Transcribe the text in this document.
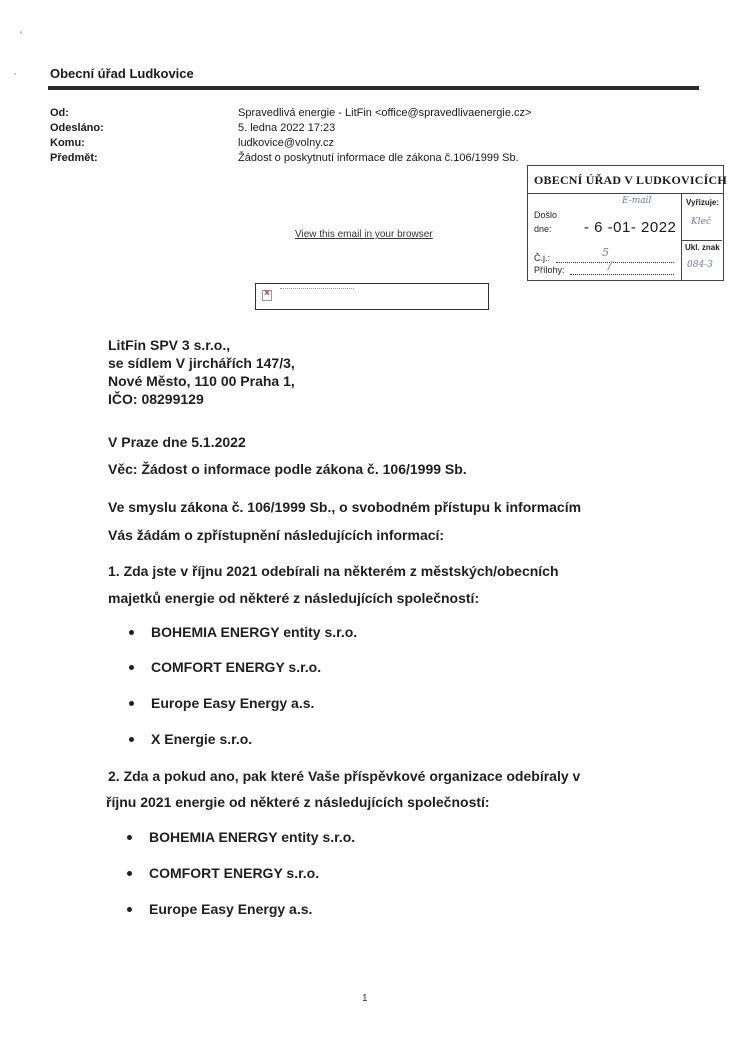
Obecní úřad Ludkovice
Od:
Odesláno:
Komu:
Předmět:
Spravedlivá energie - LitFin <office@spravedlivaenergie.cz>
5. ledna 2022 17:23
ludkovice@volny.cz
Žádost o poskytnutí informace dle zákona č.106/1999 Sb.
OBECNÍ ÚŘAD V LUDKOVICÍCH
Došlo
dne: - 6 -01- 2022
Č.j.:
Přílohy:
Vyřizuje:
Ukl. znak
E-mail
Kleč
5
/	084-3
View this email in your browser
×
LitFin SPV 3 s.r.o.,
se sídlem V jirchářích 147/3,
Nové Město, 110 00 Praha 1,
IČO: 08299129
V Praze dne 5.1.2022
Věc: Žádost o informace podle zákona č. 106/1999 Sb.
Ve smyslu zákona č. 106/1999 Sb., o svobodném přístupu k informacím
Vás žádám o zpřístupnění následujících informací:
1. Zda jste v říjnu 2021 odebírali na některém z městských/obecních
majetků energie od některé z následujících společností:
BOHEMIA ENERGY entity s.r.o.
COMFORT ENERGY s.r.o.
Europe Easy Energy a.s.
X Energie s.r.o.
2. Zda a pokud ano, pak které Vaše příspěvkové organizace odebíraly v
říjnu 2021 energie od některé z následujících společností:
BOHEMIA ENERGY entity s.r.o.
COMFORT ENERGY s.r.o.
Europe Easy Energy a.s.
1
